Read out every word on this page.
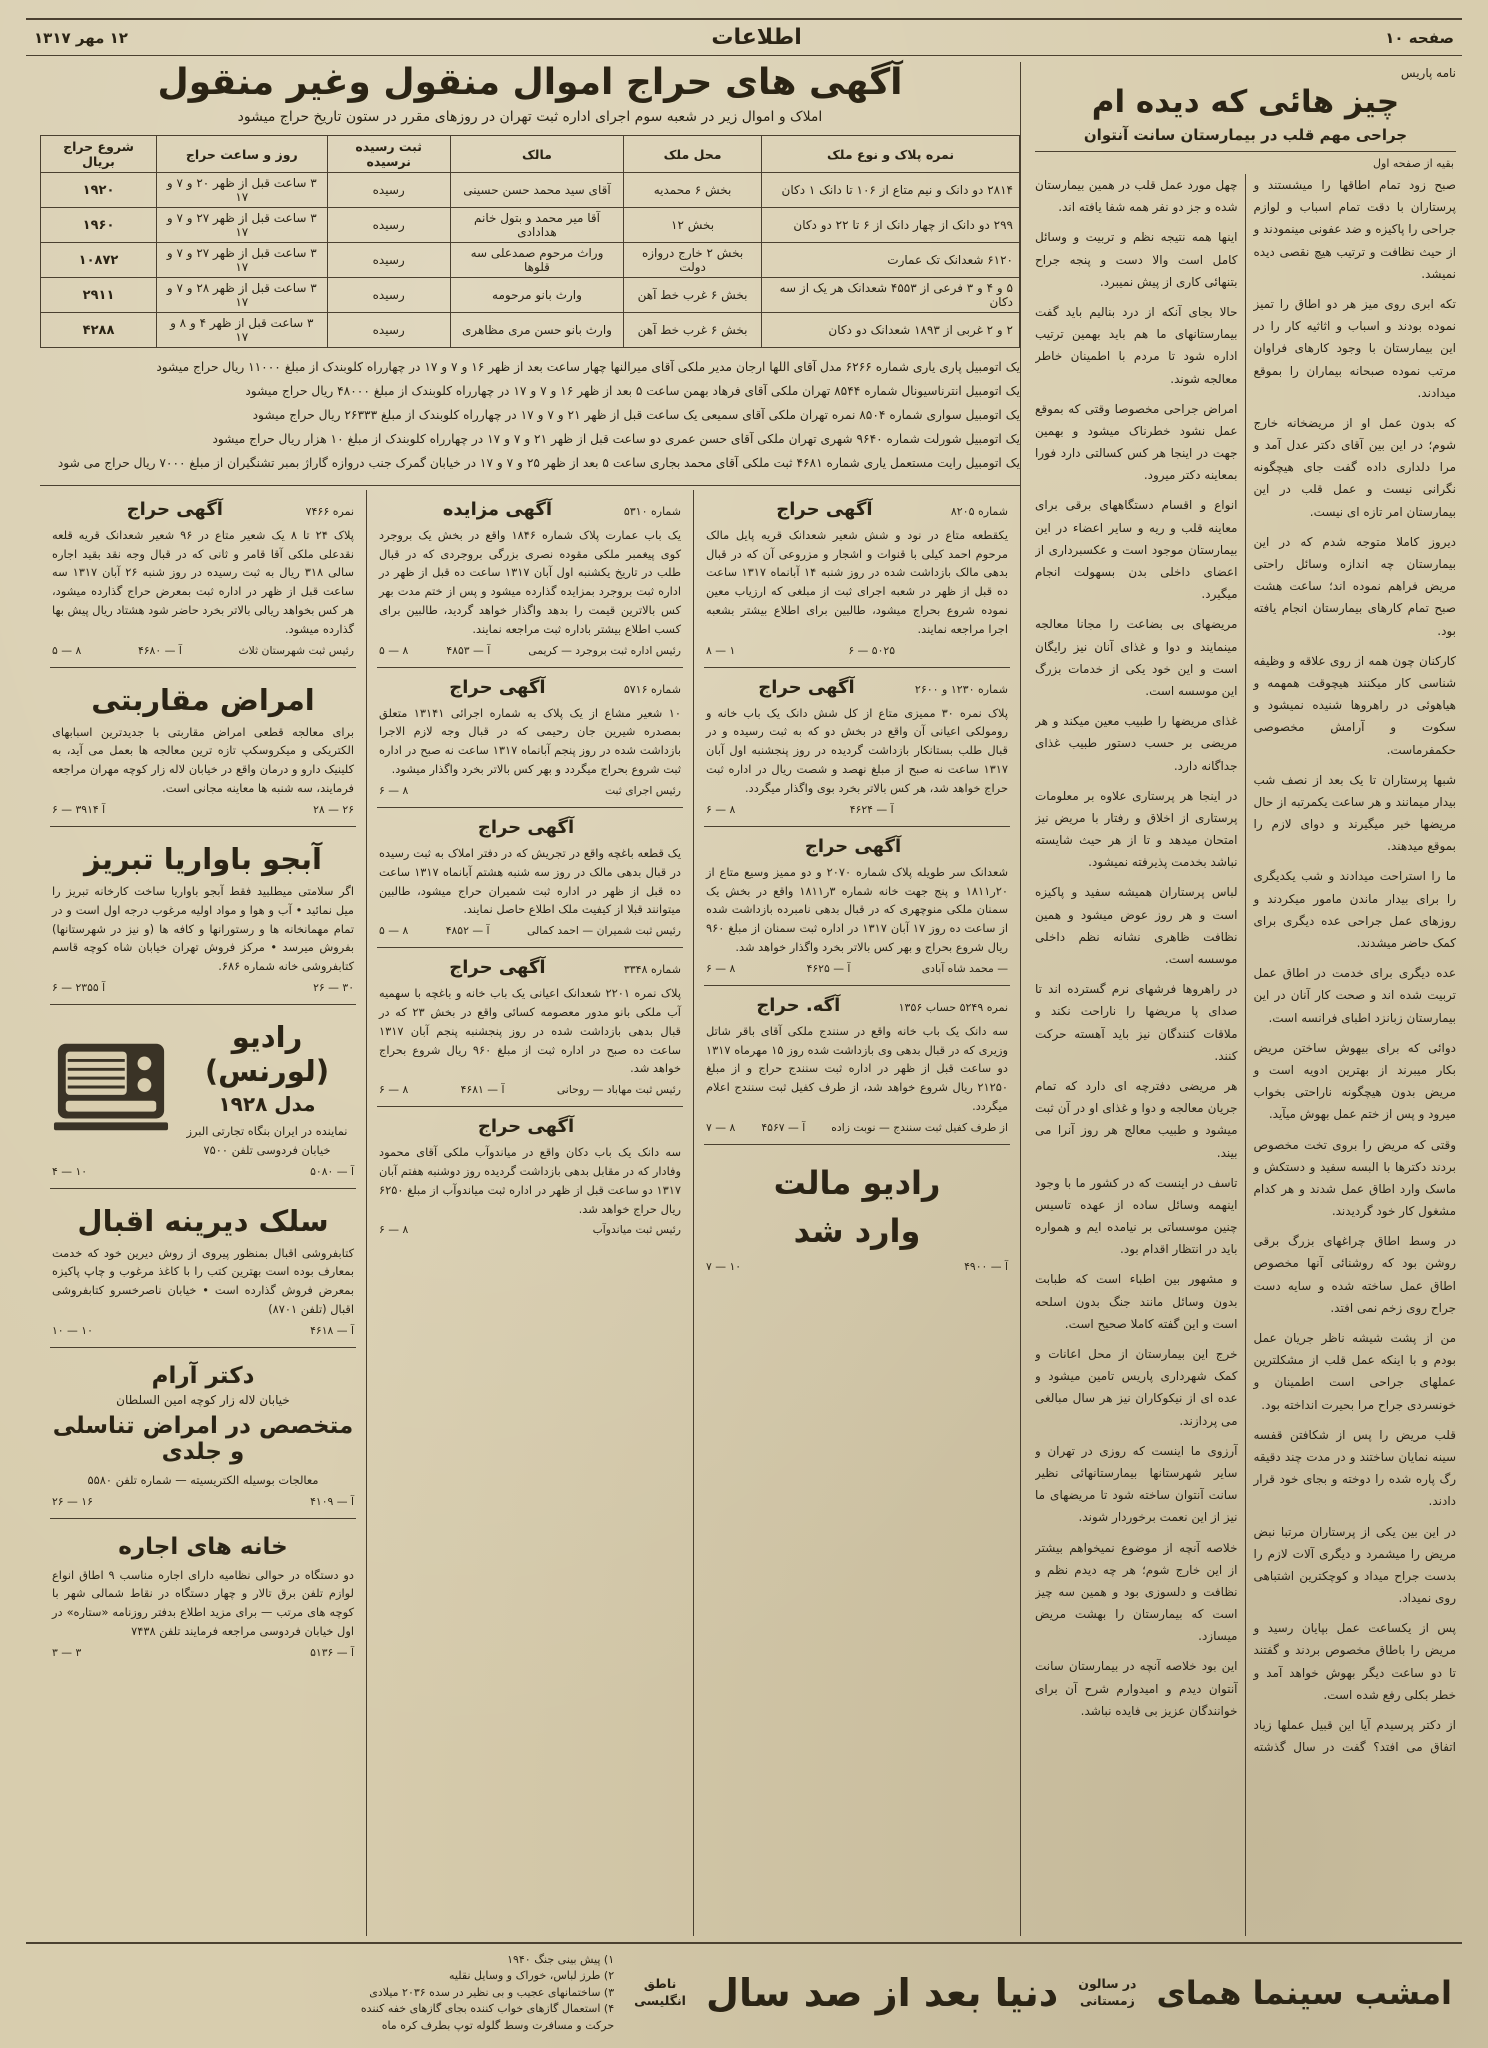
صفحه ۱۰
اطلاعات
۱۲ مهر ۱۳۱۷
نامه پاریس
چیز هائی که دیده ام
جراحی مهم قلب در بیمارستان سانت آنتوان
بقیه از صفحه اول

صبح زود تمام اطاقها را میشستند و پرستاران با دقت تمام اسباب و لوازم جراحی را پاکیزه و ضد عفونی مینمودند و از حیث نظافت و ترتیب هیچ نقصی دیده نمیشد.

تکه ابری روی میز هر دو اطاق را تمیز نموده بودند و اسباب و اثاثیه کار را در این بیمارستان با وجود کارهای فراوان مرتب نموده صبحانه بیماران را بموقع میدادند.

که بدون عمل او از مریضخانه خارج شوم؛ در این بین آقای دکتر عدل آمد و مرا دلداری داده گفت جای هیچگونه نگرانی نیست و عمل قلب در این بیمارستان امر تازه ای نیست.

دیروز کاملا متوجه شدم که در این بیمارستان چه اندازه وسائل راحتی مریض فراهم نموده اند؛ ساعت هشت صبح تمام کارهای بیمارستان انجام یافته بود.

کارکنان چون همه از روی علاقه و وظیفه شناسی کار میکنند هیچوقت همهمه و هیاهوئی در راهروها شنیده نمیشود و سکوت و آرامش مخصوصی حکمفرماست.

شبها پرستاران تا یک بعد از نصف شب بیدار میمانند و هر ساعت یکمرتبه از حال مریضها خبر میگیرند و دوای لازم را بموقع میدهند.

ما را استراحت میدادند و شب یکدیگری را برای بیدار ماندن مامور میکردند و روزهای عمل جراحی عده دیگری برای کمک حاضر میشدند.

عده دیگری برای خدمت در اطاق عمل تربیت شده اند و صحت کار آنان در این بیمارستان زبانزد اطبای فرانسه است.

دوائی که برای بیهوش ساختن مریض بکار میبرند از بهترین ادویه است و مریض بدون هیچگونه ناراحتی بخواب میرود و پس از ختم عمل بهوش میآید.

وقتی که مریض را بروی تخت مخصوص بردند دکترها با البسه سفید و دستکش و ماسک وارد اطاق عمل شدند و هر کدام مشغول کار خود گردیدند.

در وسط اطاق چراغهای بزرگ برقی روشن بود که روشنائی آنها مخصوص اطاق عمل ساخته شده و سایه دست جراح روی زخم نمی افتد.

من از پشت شیشه ناظر جریان عمل بودم و با اینکه عمل قلب از مشکلترین عملهای جراحی است اطمینان و خونسردی جراح مرا بحیرت انداخته بود.

قلب مریض را پس از شکافتن قفسه سینه نمایان ساختند و در مدت چند دقیقه رگ پاره شده را دوخته و بجای خود قرار دادند.

در این بین یکی از پرستاران مرتبا نبض مریض را میشمرد و دیگری آلات لازم را بدست جراح میداد و کوچکترین اشتباهی روی نمیداد.

پس از یکساعت عمل بپایان رسید و مریض را باطاق مخصوص بردند و گفتند تا دو ساعت دیگر بهوش خواهد آمد و خطر بکلی رفع شده است.

از دکتر پرسیدم آیا این قبیل عملها زیاد اتفاق می افتد؟ گفت در سال گذشته چهل مورد عمل قلب در همین بیمارستان شده و جز دو نفر همه شفا یافته اند.

اینها همه نتیجه نظم و تربیت و وسائل کامل است والا دست و پنجه جراح بتنهائی کاری از پیش نمیبرد.

حالا بجای آنکه از درد بنالیم باید گفت بیمارستانهای ما هم باید بهمین ترتیب اداره شود تا مردم با اطمینان خاطر معالجه شوند.

امراض جراحی مخصوصا وقتی که بموقع عمل نشود خطرناک میشود و بهمین جهت در اینجا هر کس کسالتی دارد فورا بمعاینه دکتر میرود.

انواع و اقسام دستگاههای برقی برای معاینه قلب و ریه و سایر اعضاء در این بیمارستان موجود است و عکسبرداری از اعضای داخلی بدن بسهولت انجام میگیرد.

مریضهای بی بضاعت را مجانا معالجه مینمایند و دوا و غذای آنان نیز رایگان است و این خود یکی از خدمات بزرگ این موسسه است.

غذای مریضها را طبیب معین میکند و هر مریضی بر حسب دستور طبیب غذای جداگانه دارد.

در اینجا هر پرستاری علاوه بر معلومات پرستاری از اخلاق و رفتار با مریض نیز امتحان میدهد و تا از هر حیث شایسته نباشد بخدمت پذیرفته نمیشود.

لباس پرستاران همیشه سفید و پاکیزه است و هر روز عوض میشود و همین نظافت ظاهری نشانه نظم داخلی موسسه است.

در راهروها فرشهای نرم گسترده اند تا صدای پا مریضها را ناراحت نکند و ملاقات کنندگان نیز باید آهسته حرکت کنند.

هر مریضی دفترچه ای دارد که تمام جریان معالجه و دوا و غذای او در آن ثبت میشود و طبیب معالج هر روز آنرا می بیند.

تاسف در اینست که در کشور ما با وجود اینهمه وسائل ساده از عهده تاسیس چنین موسساتی بر نیامده ایم و همواره باید در انتظار اقدام بود.

و مشهور بین اطباء است که طبابت بدون وسائل مانند جنگ بدون اسلحه است و این گفته کاملا صحیح است.

خرج این بیمارستان از محل اعانات و کمک شهرداری پاریس تامین میشود و عده ای از نیکوکاران نیز هر سال مبالغی می پردازند.

آرزوی ما اینست که روزی در تهران و سایر شهرستانها بیمارستانهائی نظیر سانت آنتوان ساخته شود تا مریضهای ما نیز از این نعمت برخوردار شوند.

خلاصه آنچه از موضوع نمیخواهم بیشتر از این خارج شوم؛ هر چه دیدم نظم و نظافت و دلسوزی بود و همین سه چیز است که بیمارستان را بهشت مریض میسازد.

این بود خلاصه آنچه در بیمارستان سانت آنتوان دیدم و امیدوارم شرح آن برای خوانندگان عزیز بی فایده نباشد.

آگهی های حراج اموال منقول وغیر منقول

املاک و اموال زیر در شعبه سوم اجرای اداره ثبت تهران در روزهای مقرر در ستون تاریخ حراج میشود

نمره پلاک و نوع ملک	محل ملک	مالک	ثبت رسیده نرسیده	روز و ساعت حراج	شروع حراج بریال
۲۸۱۴ دو دانک و نیم متاع از ۱۰۶ تا دانک ۱ دکان	بخش ۶ محمدیه	آقای سید محمد حسن حسینی	رسیده	۳ ساعت قبل از ظهر ۲۰ و ۷ و ۱۷	۱۹۲۰
۲۹۹ دو دانک از چهار دانک از ۶ تا ۲۲ دو دکان	بخش ۱۲	آقا میر محمد و بتول خانم هدادادی	رسیده	۳ ساعت قبل از ظهر ۲۷ و ۷ و ۱۷	۱۹۶۰
۶۱۲۰ شعدانک تک عمارت	بخش ۲ خارج دروازه دولت	وراث مرحوم صمدعلی سه قلوها	رسیده	۳ ساعت قبل از ظهر ۲۷ و ۷ و ۱۷	۱۰۸۷۲
۵ و ۴ و ۳ فرعی از ۴۵۵۳ شعدانک هر یک از سه دکان	بخش ۶ غرب خط آهن	وارث بانو مرحومه	رسیده	۳ ساعت قبل از ظهر ۲۸ و ۷ و ۱۷	۲۹۱۱
۲ و ۲ غربی از ۱۸۹۳ شعدانک دو دکان	بخش ۶ غرب خط آهن	وارث بانو حسن مری مظاهری	رسیده	۳ ساعت قبل از ظهر ۴ و ۸ و ۱۷	۴۲۸۸

یک اتومبیل پاری یاری شماره ۶۲۶۶ مدل آقای اللها ارجان مدیر ملکی آقای میرالنها چهار ساعت بعد از ظهر ۱۶ و ۷ و ۱۷ در چهارراه کلوبندک از مبلغ ۱۱۰۰۰ ریال حراج میشود

یک اتومبیل انترناسیونال شماره ۸۵۴۴ تهران ملکی آقای فرهاد بهمن ساعت ۵ بعد از ظهر ۱۶ و ۷ و ۱۷ در چهارراه کلوبندک از مبلغ ۴۸۰۰۰ ریال حراج میشود

یک اتومبیل سواری شماره ۸۵۰۴ نمره تهران ملکی آقای سمیعی یک ساعت قبل از ظهر ۲۱ و ۷ و ۱۷ در چهارراه کلوبندک از مبلغ ۲۶۳۳۳ ریال حراج میشود

یک اتومبیل شورلت شماره ۹۶۴۰ شهری تهران ملکی آقای حسن عمری دو ساعت قبل از ظهر ۲۱ و ۷ و ۱۷ در چهارراه کلوبندک از مبلغ ۱۰ هزار ریال حراج میشود

یک اتومبیل رایت مستعمل یاری شماره ۴۶۸۱ ثبت ملکی آقای محمد بجاری ساعت ۵ بعد از ظهر ۲۵ و ۷ و ۱۷ در خیابان گمرک جنب دروازه گاراژ بمبر تشنگیران از مبلغ ۷۰۰۰ ریال حراج می شود

شماره ۸۲۰۵
آگهی حراج

یکقطعه متاع در نود و شش شعیر شعدانک قریه پایل مالک مرحوم احمد کیلی با قنوات و اشجار و مزروعی آن که در قبال بدهی مالک بازداشت شده در روز شنبه ۱۴ آبانماه ۱۳۱۷ ساعت ده قبل از ظهر در شعبه اجرای ثبت از مبلغی که ارزیاب معین نموده شروع بحراج میشود، طالبین برای اطلاع بیشتر بشعبه اجرا مراجعه نمایند.

۵۰۲۵ — ۶
۱ — ۸
شماره ۱۲۳۰ و ۲۶۰۰
آگهی حراج

پلاک نمره ۳۰ ممیزی متاع از کل شش دانک یک باب خانه و رومولکی اعیانی آن واقع در بخش دو که به ثبت رسیده و در قبال طلب بستانکار بازداشت گردیده در روز پنجشنبه اول آبان ۱۳۱۷ ساعت نه صبح از مبلغ نهصد و شصت ریال در اداره ثبت حراج خواهد شد، هر کس بالاتر بخرد بوی واگذار میگردد.

آ — ۴۶۲۴
۸ — ۶
آگهی حراج

شعدانک سر طویله پلاک شماره ۲۰۷۰ و دو ممیز وسیع متاع از ۲۰ر۱۸۱۱ و پنج جهت خانه شماره ۳ر۱۸۱۱ واقع در بخش یک سمنان ملکی منوچهری که در قبال بدهی نامبرده بازداشت شده از ساعت ده روز ۱۷ آبان ۱۳۱۷ در اداره ثبت سمنان از مبلغ ۹۶۰ ریال شروع بحراج و بهر کس بالاتر بخرد واگذار خواهد شد.

— محمد شاه آبادی
آ — ۴۶۲۵
۸ — ۶
نمره ۵۲۴۹ حساب ۱۳۵۶
آگه. حراج

سه دانک یک باب خانه واقع در سنندج ملکی آقای باقر شاتل وزیری که در قبال بدهی وی بازداشت شده روز ۱۵ مهرماه ۱۳۱۷ دو ساعت قبل از ظهر در اداره ثبت سنندج حراج و از مبلغ ۲۱۲۵۰ ریال شروع خواهد شد، از طرف کفیل ثبت سنندج اعلام میگردد.

از طرف کفیل ثبت سنندج — نوبت زاده
آ — ۴۵۶۷
۸ — ۷
رادیو مالت
وارد شد
آ — ۴۹۰۰
۱۰ — ۷
شماره ۵۳۱۰
آگهی مزایده

یک باب عمارت پلاک شماره ۱۸۴۶ واقع در بخش یک بروجرد کوی پیغمبر ملکی مقوده نصری بزرگی بروجردی که در قبال طلب در تاریخ یکشنبه اول آبان ۱۳۱۷ ساعت ده قبل از ظهر در اداره ثبت بروجرد بمزایده گذارده میشود و پس از ختم مدت بهر کس بالاترین قیمت را بدهد واگذار خواهد گردید، طالبین برای کسب اطلاع بیشتر باداره ثبت مراجعه نمایند.

رئیس اداره ثبت بروجرد — کریمی
آ — ۴۸۵۳
۸ — ۵
شماره ۵۷۱۶
آگهی حراج

۱۰ شعیر مشاع از یک پلاک به شماره اجرائی ۱۳۱۴۱ متعلق بمصدره شیرین جان رحیمی که در قبال وجه لازم الاجرا بازداشت شده در روز پنجم آبانماه ۱۳۱۷ ساعت نه صبح در اداره ثبت شروع بحراج میگردد و بهر کس بالاتر بخرد واگذار میشود.

رئیس اجرای ثبت
۸ — ۶
آگهی حراج

یک قطعه باغچه واقع در تجریش که در دفتر املاک به ثبت رسیده در قبال بدهی مالک در روز سه شنبه هشتم آبانماه ۱۳۱۷ ساعت ده قبل از ظهر در اداره ثبت شمیران حراج میشود، طالبین میتوانند قبلا از کیفیت ملک اطلاع حاصل نمایند.

رئیس ثبت شمیران — احمد کمالی
آ — ۴۸۵۲
۸ — ۵
شماره ۳۳۴۸
آگهی حراج

پلاک نمره ۲۲۰۱ شعدانک اعیانی یک باب خانه و باغچه با سهمیه آب ملکی بانو مدور معصومه کسائی واقع در بخش ۲۳ که در قبال بدهی بازداشت شده در روز پنجشنبه پنجم آبان ۱۳۱۷ ساعت ده صبح در اداره ثبت از مبلغ ۹۶۰ ریال شروع بحراج خواهد شد.

رئیس ثبت مهاباد — روحانی
آ — ۴۶۸۱
۸ — ۶
آگهی حراج

سه دانک یک باب دکان واقع در میاندوآب ملکی آقای محمود وفادار که در مقابل بدهی بازداشت گردیده روز دوشنبه هفتم آبان ۱۳۱۷ دو ساعت قبل از ظهر در اداره ثبت میاندوآب از مبلغ ۶۲۵۰ ریال حراج خواهد شد.

رئیس ثبت میاندوآب
۸ — ۶
نمره ۷۴۶۶
آگهی حراج

پلاک ۲۴ تا ۸ یک شعیر متاع در ۹۶ شعیر شعدانک قریه قلعه نقدعلی ملکی آقا قامر و ثانی که در قبال وجه نقد بقید اجاره سالی ۳۱۸ ریال به ثبت رسیده در روز شنبه ۲۶ آبان ۱۳۱۷ سه ساعت قبل از ظهر در اداره ثبت بمعرض حراج گذارده میشود، هر کس بخواهد ریالی بالاتر بخرد حاضر شود هشتاد ریال پیش بها گذارده میشود.

رئیس ثبت شهرستان ثلاث
آ — ۴۶۸۰
۸ — ۵
امراض مقاربتی

برای معالجه قطعی امراض مقاربتی با جدیدترین اسبابهای الکتریکی و میکروسکپ تازه ترین معالجه ها بعمل می آید، به کلینیک دارو و درمان واقع در خیابان لاله زار کوچه مهران مراجعه فرمایند، سه شنبه ها معاینه مجانی است.

۲۶ — ۲۸
آ ۳۹۱۴ — ۶
آبجو باواریا تبریز

اگر سلامتی میطلبید فقط آبجو باواریا ساخت کارخانه تبریز را میل نمائید • آب و هوا و مواد اولیه مرغوب درجه اول است و در تمام مهمانخانه ها و رستورانها و کافه ها (و نیز در شهرستانها) بفروش میرسد • مرکز فروش تهران خیابان شاه کوچه قاسم کتابفروشی خانه شماره ۶۸۶.

۳۰ — ۲۶
آ ۲۳۵۵ — ۶
رادیو (لورنس)
مدل ۱۹۲۸

نماینده در ایران بنگاه تجارتی البرز خیابان فردوسی تلفن ۷۵۰۰

آ — ۵۰۸۰
۱۰ — ۴
سلک دیرینه اقبال

کتابفروشی اقبال بمنظور پیروی از روش دیرین خود که خدمت بمعارف بوده است بهترین کتب را با کاغذ مرغوب و چاپ پاکیزه بمعرض فروش گذارده است • خیابان ناصرخسرو کتابفروشی اقبال (تلفن ۸۷۰۱)

آ — ۴۶۱۸
۱۰ — ۱۰
دکتر آرام

خیابان لاله زار کوچه امین السلطان

متخصص در امراض تناسلی و جلدی

معالجات بوسیله الکتریسیته — شماره تلفن ۵۵۸۰

آ — ۴۱۰۹
۱۶ — ۲۶
خانه های اجاره

دو دستگاه در حوالی نظامیه دارای اجاره مناسب ۹ اطاق انواع لوازم تلفن برق تالار و چهار دستگاه در نقاط شمالی شهر با کوچه های مرتب — برای مزید اطلاع بدفتر روزنامه «ستاره» در اول خیابان فردوسی مراجعه فرمایند تلفن ۷۴۳۸

آ — ۵۱۳۶
۳ — ۳
امشب سینما همای
در سالون
زمستانی
دنیا بعد از صد سال
ناطق
انگلیسی

۱) پیش بینی جنگ ۱۹۴۰

۲) طرز لباس، خوراک و وسایل نقلیه

۳) ساختمانهای عجیب و بی نظیر در سده ۲۰۳۶ میلادی

۴) استعمال گازهای خواب کننده بجای گازهای خفه کننده

حرکت و مسافرت وسط گلوله توپ بطرف کره ماه
